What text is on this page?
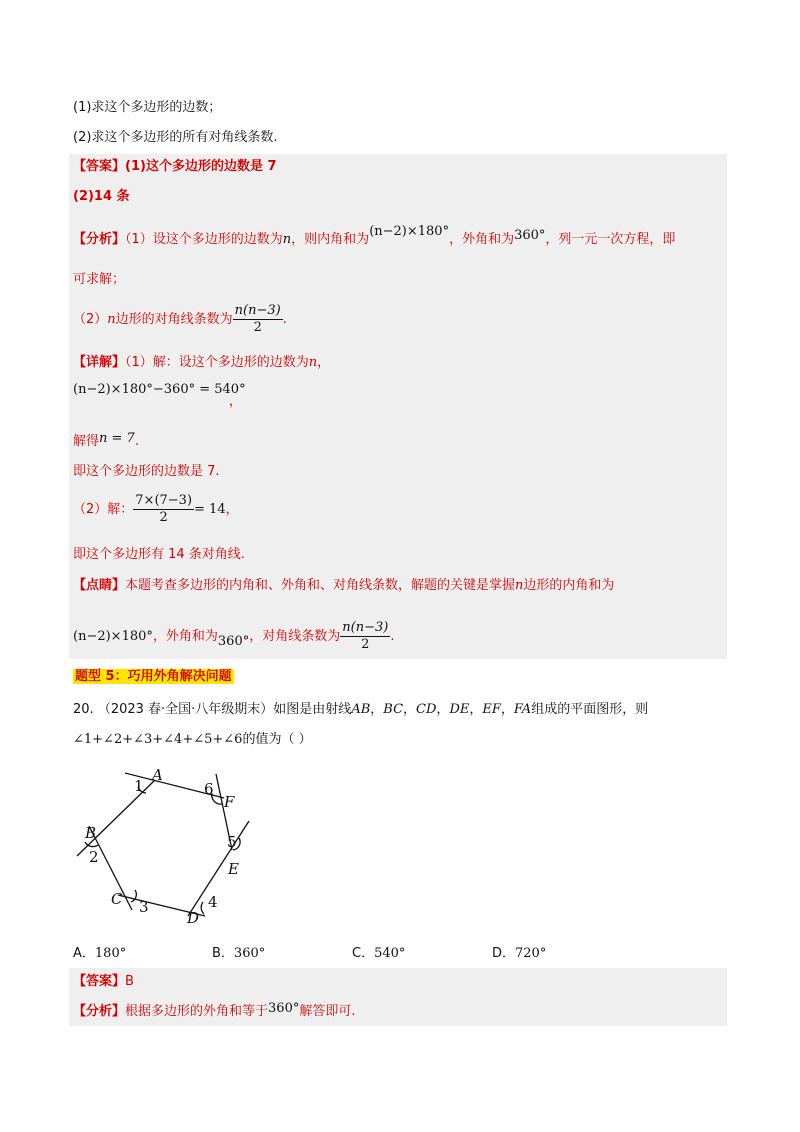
(1)求这个多边形的边数；
(2)求这个多边形的所有对角线条数.
【答案】(1)这个多边形的边数是 7
(2)14 条
【分析】（1）设这个多边形的边数为n，则内角和为(n−2)×180°，外角和为360°，列一元一次方程，即
可求解；
（2）n边形的对角线条数为 $\frac{n(n-3)}{2}$ .
【详解】（1）解：设这个多边形的边数为n，
(n−2)×180°−360° = 540°
，
解得n = 7.
即这个多边形的边数是 7.
（2）解： $\frac{7\times(7-3)}{2} = 14$，
即这个多边形有 14 条对角线.
【点睛】本题考查多边形的内角和、外角和、对角线条数，解题的关键是掌握n边形的内角和为
(n−2)×180°，外角和为360°，对角线条数为 $\frac{n(n-3)}{2}$ .
题型 5：巧用外角解决问题
20. （2023 春·全国·八年级期末）如图是由射线AB，BC，CD，DE，EF，FA组成的平面图形，则
∠1+∠2+∠3+∠4+∠5+∠6的值为（ ）
A
B
C
D
E
F
1
2
3	4
5
6
A．180°	B．360°	C．540°	D．720°
【答案】B
【分析】根据多边形的外角和等于360°解答即可.
